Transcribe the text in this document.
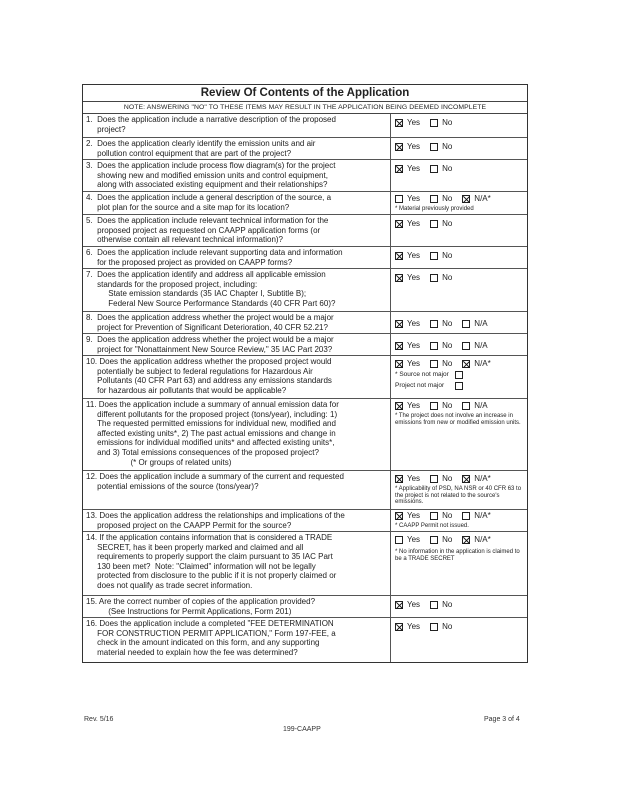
Review Of Contents of the Application
NOTE: ANSWERING "NO" TO THESE ITEMS MAY RESULT IN THE APPLICATION BEING DEEMED INCOMPLETE
1.  Does the application include a narrative description of the proposed
project?
Yes	No
2.  Does the application clearly identify the emission units and air
pollution control equipment that are part of the project?
Yes	No
3.  Does the application include process flow diagram(s) for the project
showing new and modified emission units and control equipment,
along with associated existing equipment and their relationships?
Yes	No
4.  Does the application include a general description of the source, a
plot plan for the source and a site map for its location?
Yes	No	N/A *
* Material previously provided
5.  Does the application include relevant technical information for the
proposed project as requested on CAAPP application forms (or
otherwise contain all relevant technical information)?
Yes	No
6.  Does the application include relevant supporting data and information
for the proposed project as provided on CAAPP forms?
Yes	No
7.  Does the application identify and address all applicable emission
standards for the proposed project, including:
State emission standards (35 IAC Chapter I, Subtitle B);
Federal New Source Performance Standards (40 CFR Part 60)?
Yes	No
8.  Does the application address whether the project would be a major
project for Prevention of Significant Deterioration, 40 CFR 52.21?	Yes	No	N/A
9.  Does the application address whether the project would be a major
project for "Nonattainment New Source Review," 35 IAC Part 203?	Yes	No	N/A
10. Does the application address whether the proposed project would
potentially be subject to federal regulations for Hazardous Air
Pollutants (40 CFR Part 63) and address any emissions standards
for hazardous air pollutants that would be applicable?
Yes	No	N/A *
* Source not major
Project not major
11. Does the application include a summary of annual emission data for
different pollutants for the proposed project (tons/year), including: 1)
The requested permitted emissions for individual new, modified and
affected existing units*, 2) The past actual emissions and change in
emissions for individual modified units* and affected existing units*,
and 3) Total emissions consequences of the proposed project?
(* Or groups of related units)
Yes	No	N/A
* The project does not involve an increase in emissions from new or modified emission units.
12. Does the application include a summary of the current and requested
potential emissions of the source (tons/year)?
Yes	No	N/A *
* Applicability of PSD, NA NSR or 40 CFR 63 to the project is not related to the source's emissions.
13. Does the application address the relationships and implications of the
proposed project on the CAAPP Permit for the source?
Yes	No	N/A *
* CAAPP Permit not issued.
14. If the application contains information that is considered a TRADE
SECRET, has it been properly marked and claimed and all
requirements to properly support the claim pursuant to 35 IAC Part
130 been met?  Note: "Claimed" information will not be legally
protected from disclosure to the public if it is not properly claimed or
does not qualify as trade secret information.
Yes	No	N/A *
* No information in the application is claimed to be a TRADE SECRET
15. Are the correct number of copies of the application provided?
(See Instructions for Permit Applications, Form 201)
Yes	No
16. Does the application include a completed "FEE DETERMINATION
FOR CONSTRUCTION PERMIT APPLICATION," Form 197-FEE, a
check in the amount indicated on this form, and any supporting
material needed to explain how the fee was determined?
Yes	No
Rev. 5/16	Page 3 of 4
199-CAAPP
